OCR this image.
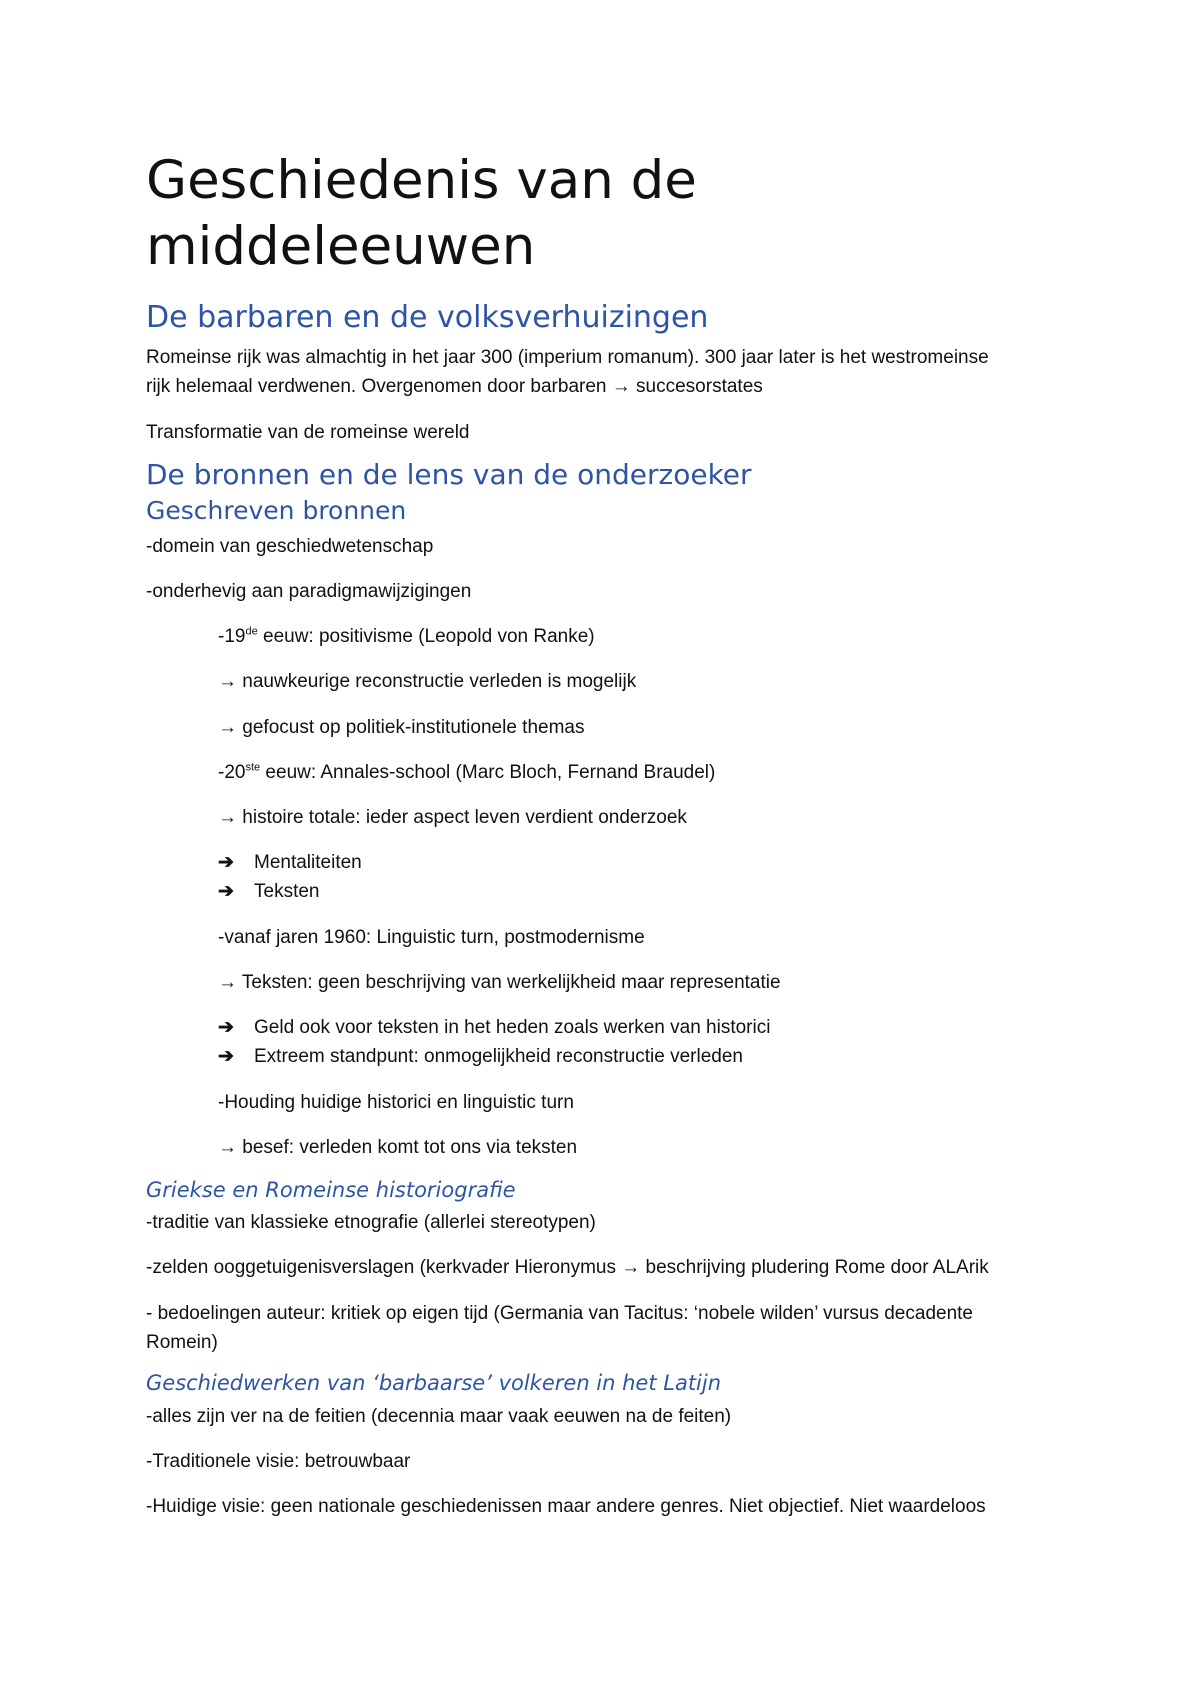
Geschiedenis van de
middeleeuwen
De barbaren en de volksverhuizingen

Romeinse rijk was almachtig in het jaar 300 (imperium romanum). 300 jaar later is het westromeinse

rijk helemaal verdwenen. Overgenomen door barbaren → succesorstates

Transformatie van de romeinse wereld

De bronnen en de lens van de onderzoeker
Geschreven bronnen

-domein van geschiedwetenschap

-onderhevig aan paradigmawijzigingen

-19de eeuw: positivisme (Leopold von Ranke)

→ nauwkeurige reconstructie verleden is mogelijk

→ gefocust op politiek-institutionele themas

-20ste eeuw: Annales-school (Marc Bloch, Fernand Braudel)

→ histoire totale: ieder aspect leven verdient onderzoek

➔ Mentaliteiten

➔ Teksten

-vanaf jaren 1960: Linguistic turn, postmodernisme

→ Teksten: geen beschrijving van werkelijkheid maar representatie

➔ Geld ook voor teksten in het heden zoals werken van historici

➔ Extreem standpunt: onmogelijkheid reconstructie verleden

-Houding huidige historici en linguistic turn

→ besef: verleden komt tot ons via teksten

Griekse en Romeinse historiografie

-traditie van klassieke etnografie (allerlei stereotypen)

-zelden ooggetuigenisverslagen (kerkvader Hieronymus → beschrijving pludering Rome door ALArik

- bedoelingen auteur: kritiek op eigen tijd (Germania van Tacitus: ‘nobele wilden’ vursus decadente

Romein)

Geschiedwerken van ‘barbaarse’ volkeren in het Latijn

-alles zijn ver na de feitien (decennia maar vaak eeuwen na de feiten)

-Traditionele visie: betrouwbaar

-Huidige visie: geen nationale geschiedenissen maar andere genres. Niet objectief. Niet waardeloos
